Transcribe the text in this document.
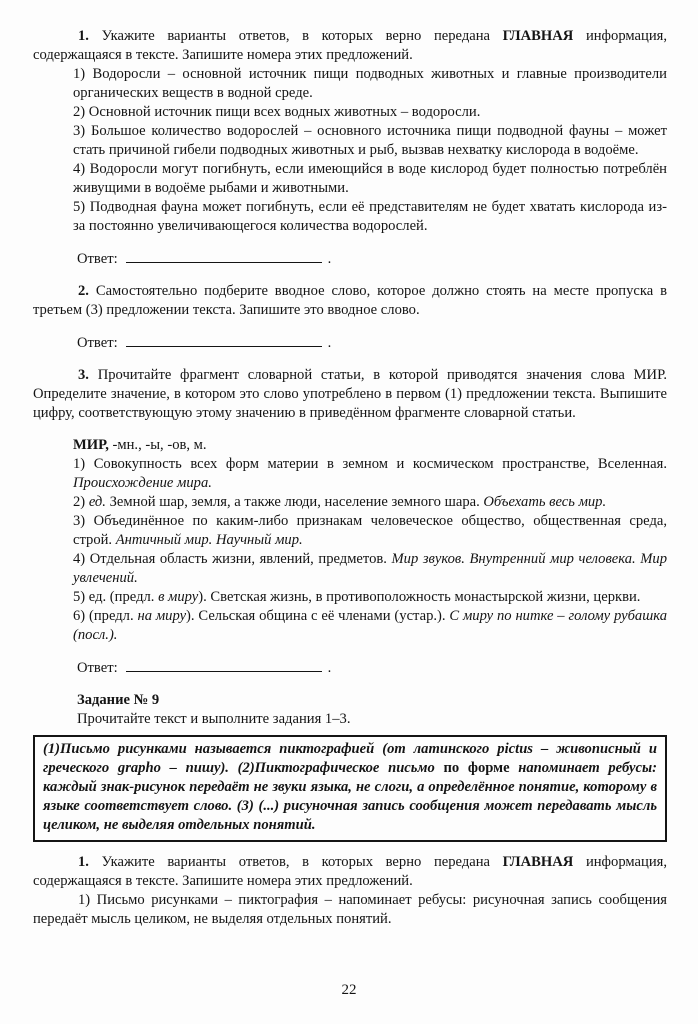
1. Укажите варианты ответов, в которых верно передана ГЛАВНАЯ информация, содержащаяся в тексте. Запишите номера этих предложений.
1) Водоросли – основной источник пищи подводных животных и главные производители органических веществ в водной среде.
2) Основной источник пищи всех водных животных – водоросли.
3) Большое количество водорослей – основного источника пищи подводной фауны – может стать причиной гибели подводных животных и рыб, вызвав нехватку кислорода в водоёме.
4) Водоросли могут погибнуть, если имеющийся в воде кислород будет полностью потреблён живущими в водоёме рыбами и животными.
5) Подводная фауна может погибнуть, если её представителям не будет хватать кислорода из-за постоянно увеличивающегося количества водорослей.
Ответ:	.
2. Самостоятельно подберите вводное слово, которое должно стоять на месте пропуска в третьем (3) предложении текста. Запишите это вводное слово.
Ответ:	.
3. Прочитайте фрагмент словарной статьи, в которой приводятся значения слова МИР. Определите значение, в котором это слово употреблено в первом (1) предложении текста. Выпишите цифру, соответствующую этому значению в приведённом фрагменте словарной статьи.
МИР, -мн., -ы, -ов, м.
1) Совокупность всех форм материи в земном и космическом пространстве, Вселенная. Происхождение мира.
2) ед. Земной шар, земля, а также люди, население земного шара. Объехать весь мир.
3) Объединённое по каким-либо признакам человеческое общество, общественная среда, строй. Античный мир. Научный мир.
4) Отдельная область жизни, явлений, предметов. Мир звуков. Внутренний мир человека. Мир увлечений.
5) ед. (предл. в миру). Светская жизнь, в противоположность монастырской жизни, церкви.
6) (предл. на миру). Сельская община с её членами (устар.). С миру по нитке – голому рубашка (посл.).
Ответ:	.
Задание № 9
Прочитайте текст и выполните задания 1–3.
(1)Письмо рисунками называется пиктографией (от латинского pictus – живописный и греческого grapho – пишу). (2)Пиктографическое письмо по форме напоминает ребусы: каждый знак-рисунок передаёт не звуки языка, не слоги, а определённое понятие, которому в языке соответствует слово. (3) (...) рисуночная запись сообщения может передавать мысль целиком, не выделяя отдельных понятий.
1. Укажите варианты ответов, в которых верно передана ГЛАВНАЯ информация, содержащаяся в тексте. Запишите номера этих предложений.
1) Письмо рисунками – пиктография – напоминает ребусы: рисуночная запись сообщения передаёт мысль целиком, не выделяя отдельных понятий.
22
